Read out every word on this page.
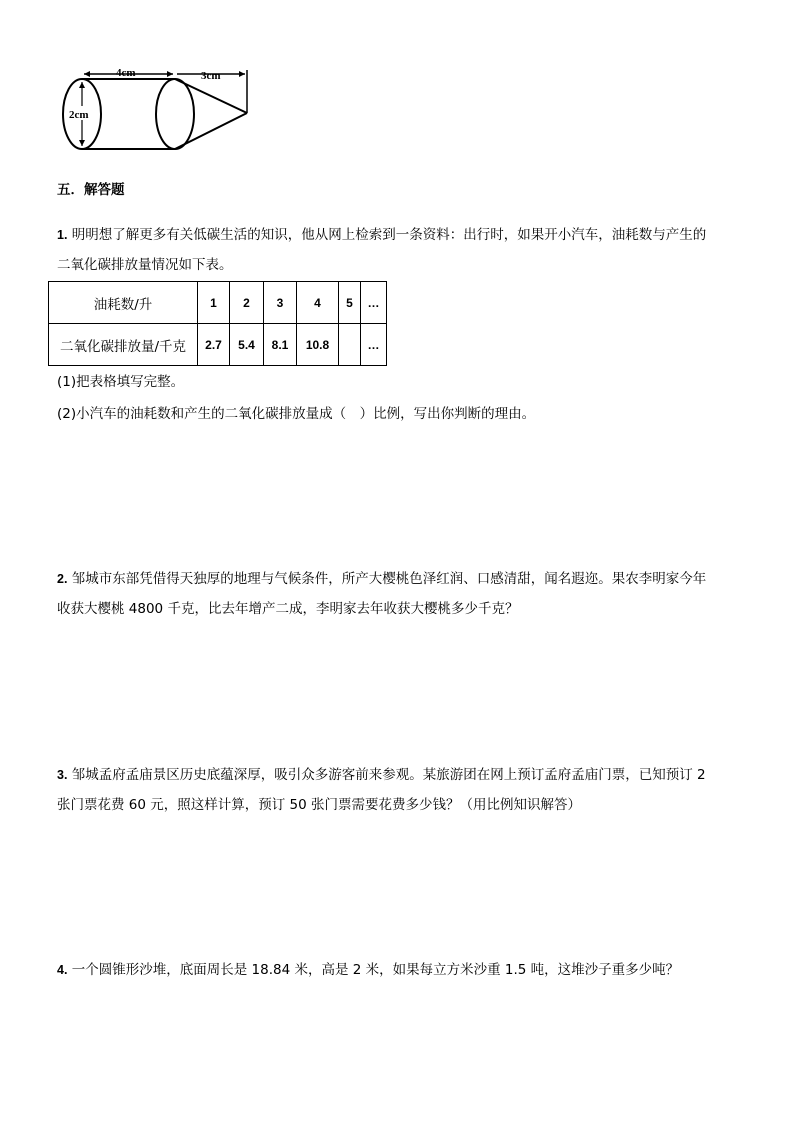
4cm	3cm
2cm
五．解答题
1. 明明想了解更多有关低碳生活的知识，他从网上检索到一条资料：出行时，如果开小汽车，油耗数与产生的
二氧化碳排放量情况如下表。
油耗数/升	1	2	3	4	5	…
二氧化碳排放量/千克	2.7	5.4	8.1	10.8		…
(1)把表格填写完整。
(2)小汽车的油耗数和产生的二氧化碳排放量成（　）比例，写出你判断的理由。
2. 邹城市东部凭借得天独厚的地理与气候条件，所产大樱桃色泽红润、口感清甜，闻名遐迩。果农李明家今年
收获大樱桃 4800 千克，比去年增产二成，李明家去年收获大樱桃多少千克？
3. 邹城孟府孟庙景区历史底蕴深厚，吸引众多游客前来参观。某旅游团在网上预订孟府孟庙门票，已知预订 2
张门票花费 60 元，照这样计算，预订 50 张门票需要花费多少钱？（用比例知识解答）
4. 一个圆锥形沙堆，底面周长是 18.84 米，高是 2 米，如果每立方米沙重 1.5 吨，这堆沙子重多少吨？
